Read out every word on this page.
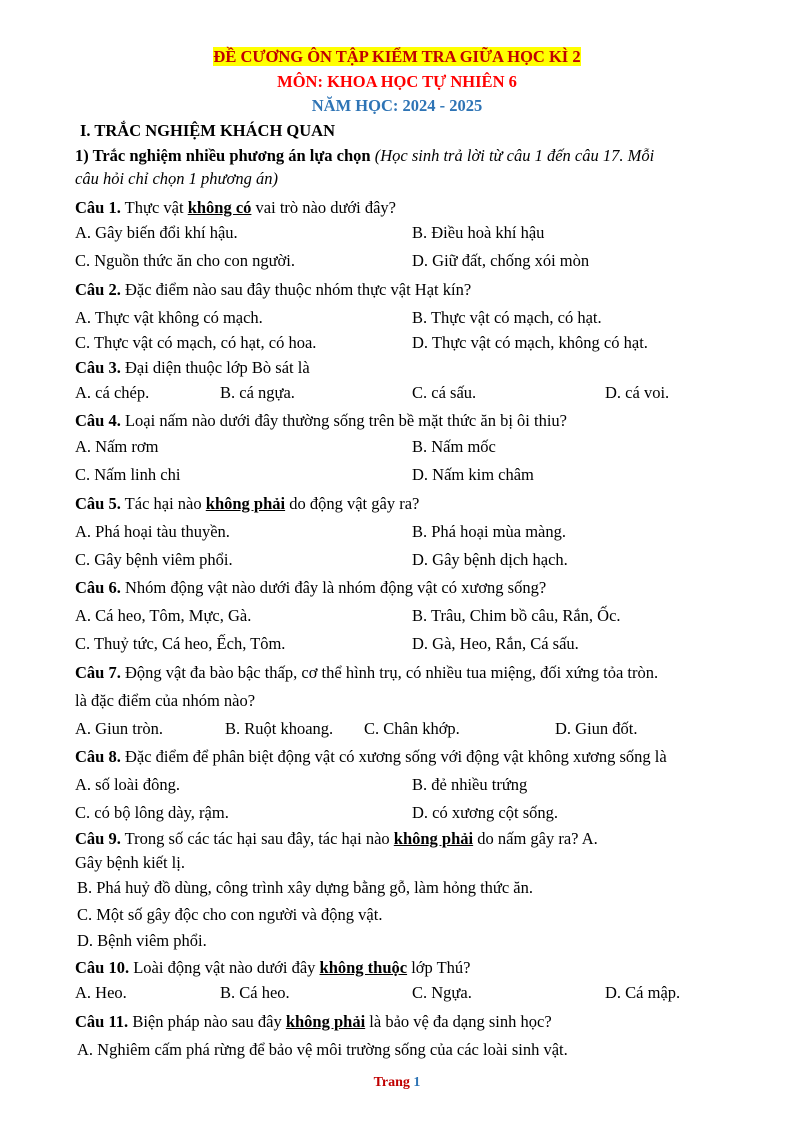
ĐỀ CƯƠNG ÔN TẬP KIỂM TRA GIỮA HỌC KÌ 2
MÔN: KHOA HỌC TỰ NHIÊN 6
NĂM HỌC: 2024 - 2025
I. TRẮC NGHIỆM KHÁCH QUAN
1) Trắc nghiệm nhiều phương án lựa chọn (Học sinh trả lời từ câu 1 đến câu 17. Mỗi
câu hỏi chỉ chọn 1 phương án)
Câu 1. Thực vật không có vai trò nào dưới đây?
A. Gây biến đổi khí hậu.	B. Điều hoà khí hậu
C. Nguồn thức ăn cho con người.	D. Giữ đất, chống xói mòn
Câu 2. Đặc điểm nào sau đây thuộc nhóm thực vật Hạt kín?
A. Thực vật không có mạch.	B. Thực vật có mạch, có hạt.
C. Thực vật có mạch, có hạt, có hoa.	D. Thực vật có mạch, không có hạt.
Câu 3. Đại diện thuộc lớp Bò sát là
A. cá chép.	B. cá ngựa.	C. cá sấu.	D. cá voi.
Câu 4. Loại nấm nào dưới đây thường sống trên bề mặt thức ăn bị ôi thiu?
A. Nấm rơm	B. Nấm mốc
C. Nấm linh chi	D. Nấm kim châm
Câu 5. Tác hại nào không phải do động vật gây ra?
A. Phá hoại tàu thuyền.	B. Phá hoại mùa màng.
C. Gây bệnh viêm phổi.	D. Gây bệnh dịch hạch.
Câu 6. Nhóm động vật nào dưới đây là nhóm động vật có xương sống?
A. Cá heo, Tôm, Mực, Gà.	B. Trâu, Chim bồ câu, Rắn, Ốc.
C. Thuỷ tức, Cá heo, Ếch, Tôm.	D. Gà, Heo, Rắn, Cá sấu.
Câu 7. Động vật đa bào bậc thấp, cơ thể hình trụ, có nhiều tua miệng, đối xứng tỏa tròn.
là đặc điểm của nhóm nào?
A. Giun tròn.	B. Ruột khoang. C. Chân khớp.	D. Giun đốt.
Câu 8. Đặc điểm để phân biệt động vật có xương sống với động vật không xương sống là
A. số loài đông.	B. đẻ nhiều trứng
C. có bộ lông dày, rậm.	D. có xương cột sống.
Câu 9. Trong số các tác hại sau đây, tác hại nào không phải do nấm gây ra? A.
Gây bệnh kiết lị.
B. Phá huỷ đồ dùng, công trình xây dựng bằng gỗ, làm hỏng thức ăn.
C. Một số gây độc cho con người và động vật.
D. Bệnh viêm phổi.
Câu 10. Loài động vật nào dưới đây không thuộc lớp Thú?
A. Heo.	B. Cá heo.	C. Ngựa.	D. Cá mập.
Câu 11. Biện pháp nào sau đây không phải là bảo vệ đa dạng sinh học?
A. Nghiêm cấm phá rừng để bảo vệ môi trường sống của các loài sinh vật.
Trang 1
